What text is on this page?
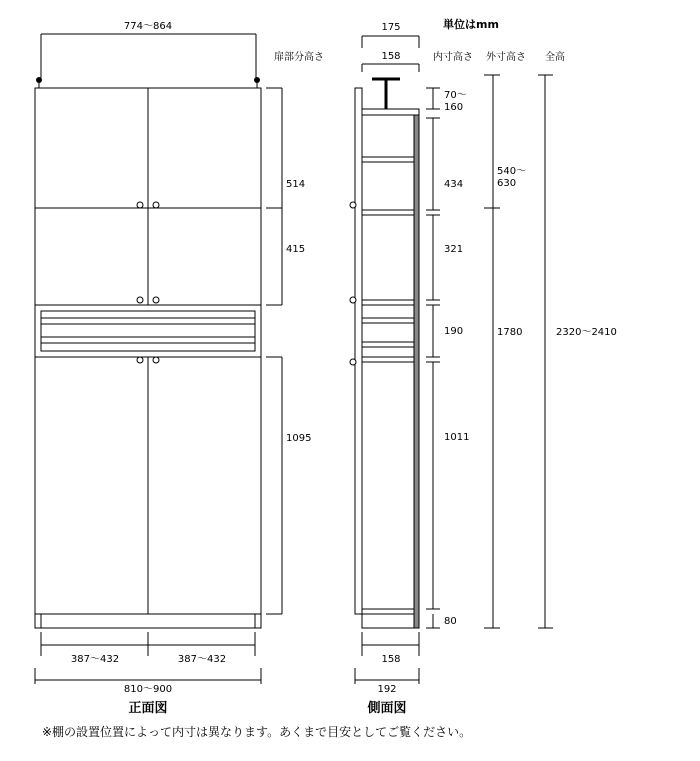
774～864
514
415
1095
387～432	387～432
810～900
正面図
単位はmm
扉部分高さ	内寸高さ 外寸高さ 全高
175
158
70～ 160
434
321
190
1011
80
540～ 630
1780	2320～2410
158
192
側面図
※棚の設置位置によって内寸は異なります。あくまで目安としてご覧ください。
